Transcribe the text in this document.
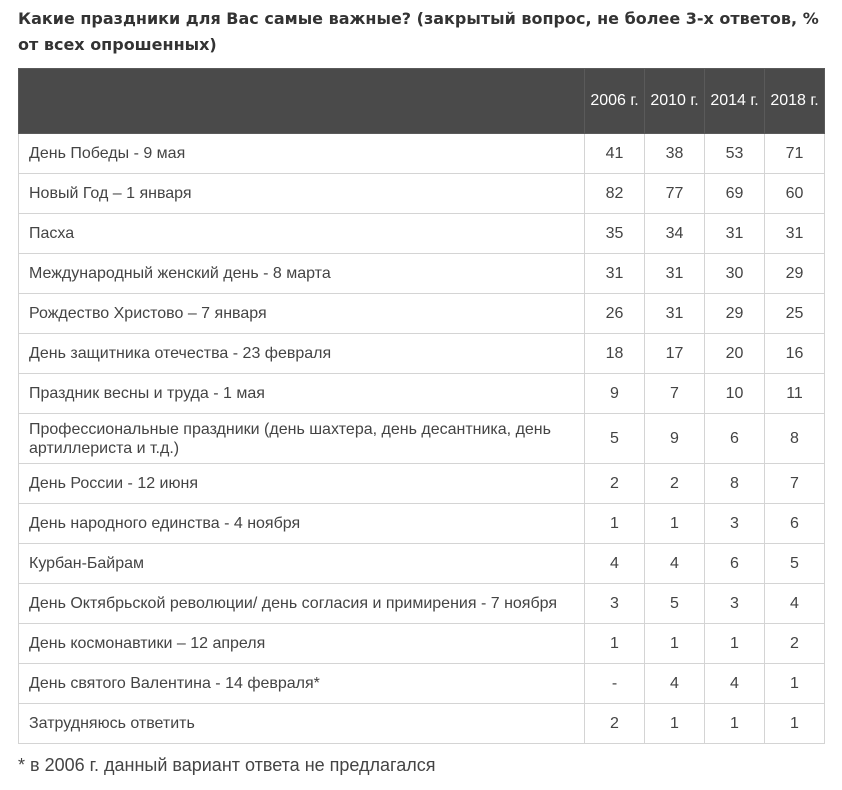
Какие праздники для Вас самые важные? (закрытый вопрос, не более 3-х ответов, % от всех опрошенных)
	2006 г.	2010 г.	2014 г.	2018 г.
День Победы - 9 мая	41	38	53	71
Новый Год – 1 января	82	77	69	60
Пасха	35	34	31	31
Международный женский день - 8 марта	31	31	30	29
Рождество Христово – 7 января	26	31	29	25
День защитника отечества - 23 февраля	18	17	20	16
Праздник весны и труда - 1 мая	9	7	10	11
Профессиональные праздники (день шахтера, день десантника, день артиллериста и т.д.)	5	9	6	8
День России - 12 июня	2	2	8	7
День народного единства - 4 ноября	1	1	3	6
Курбан-Байрам	4	4	6	5
День Октябрьской революции/ день согласия и примирения - 7 ноября	3	5	3	4
День космонавтики – 12 апреля	1	1	1	2
День святого Валентина - 14 февраля*	-	4	4	1
Затрудняюсь ответить	2	1	1	1
* в 2006 г. данный вариант ответа не предлагался
